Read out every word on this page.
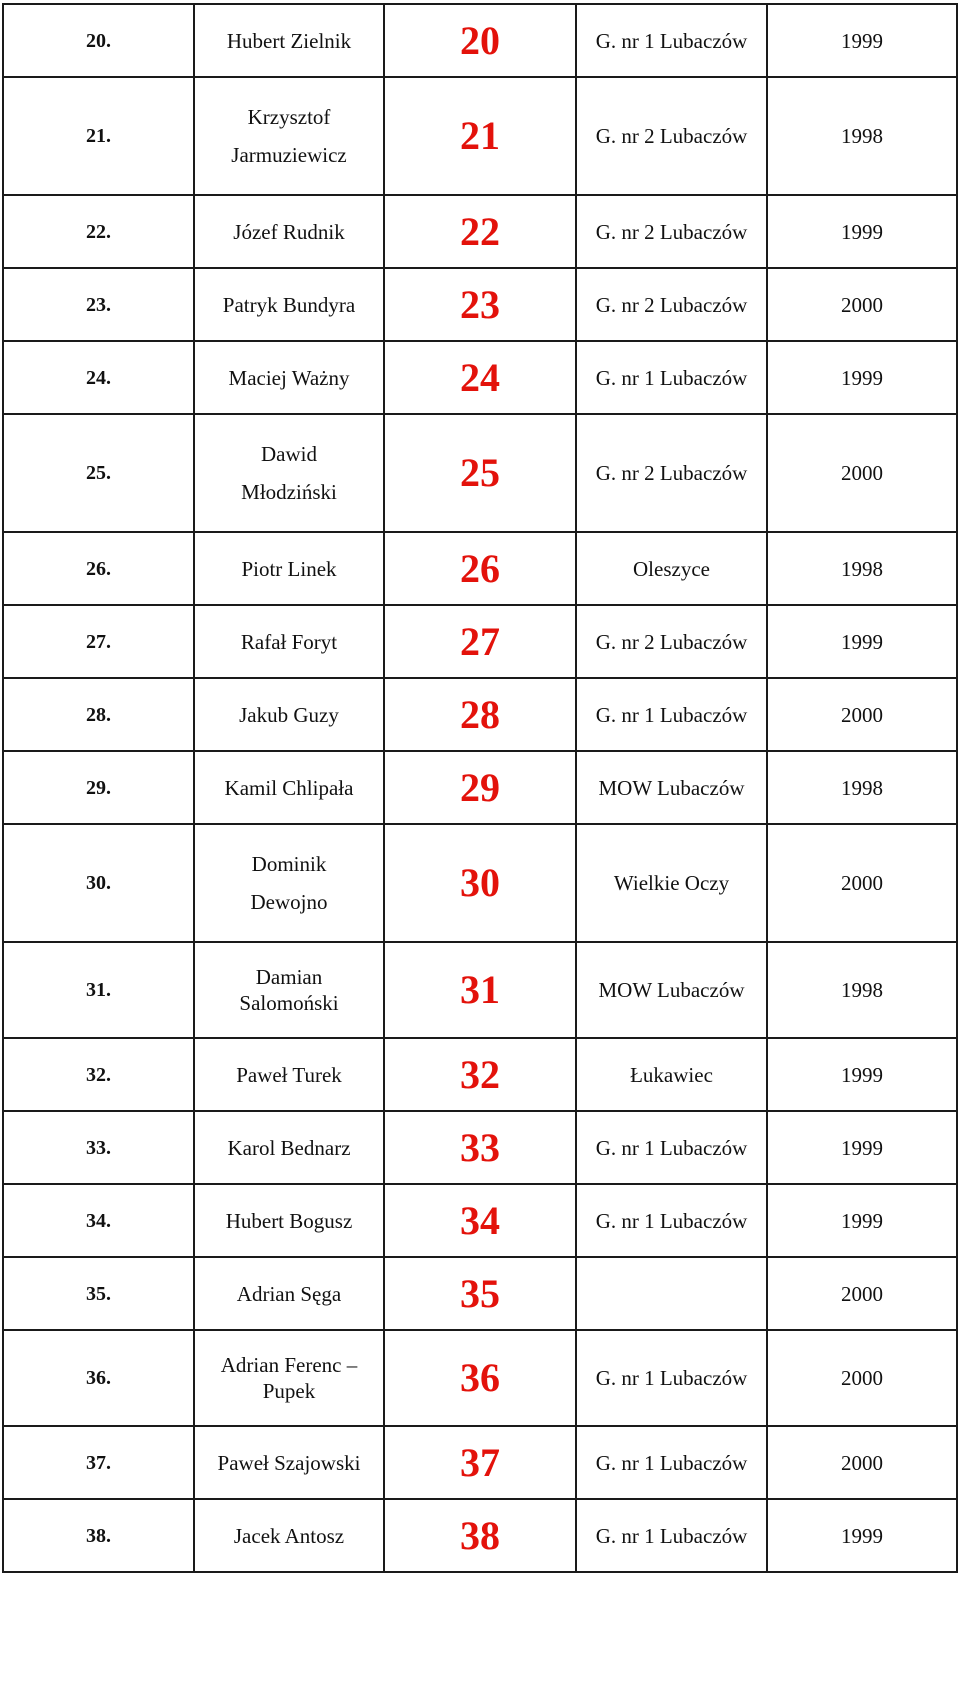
20.	Hubert Zielnik	20	G. nr 1 Lubaczów	1999
21.	Krzysztof
Jarmuziewicz	21	G. nr 2 Lubaczów	1998
22.	Józef Rudnik	22	G. nr 2 Lubaczów	1999
23.	Patryk Bundyra	23	G. nr 2 Lubaczów	2000
24.	Maciej Ważny	24	G. nr 1 Lubaczów	1999
25.	Dawid
Młodziński	25	G. nr 2 Lubaczów	2000
26.	Piotr Linek	26	Oleszyce	1998
27.	Rafał Foryt	27	G. nr 2 Lubaczów	1999
28.	Jakub Guzy	28	G. nr 1 Lubaczów	2000
29.	Kamil Chlipała	29	MOW Lubaczów	1998
30.	Dominik
Dewojno	30	Wielkie Oczy	2000
31.	Damian
Salomoński	31	MOW Lubaczów	1998
32.	Paweł Turek	32	Łukawiec	1999
33.	Karol Bednarz	33	G. nr 1 Lubaczów	1999
34.	Hubert Bogusz	34	G. nr 1 Lubaczów	1999
35.	Adrian Sęga	35		2000
36.	Adrian Ferenc –
Pupek	36	G. nr 1 Lubaczów	2000
37.	Paweł Szajowski	37	G. nr 1 Lubaczów	2000
38.	Jacek Antosz	38	G. nr 1 Lubaczów	1999
